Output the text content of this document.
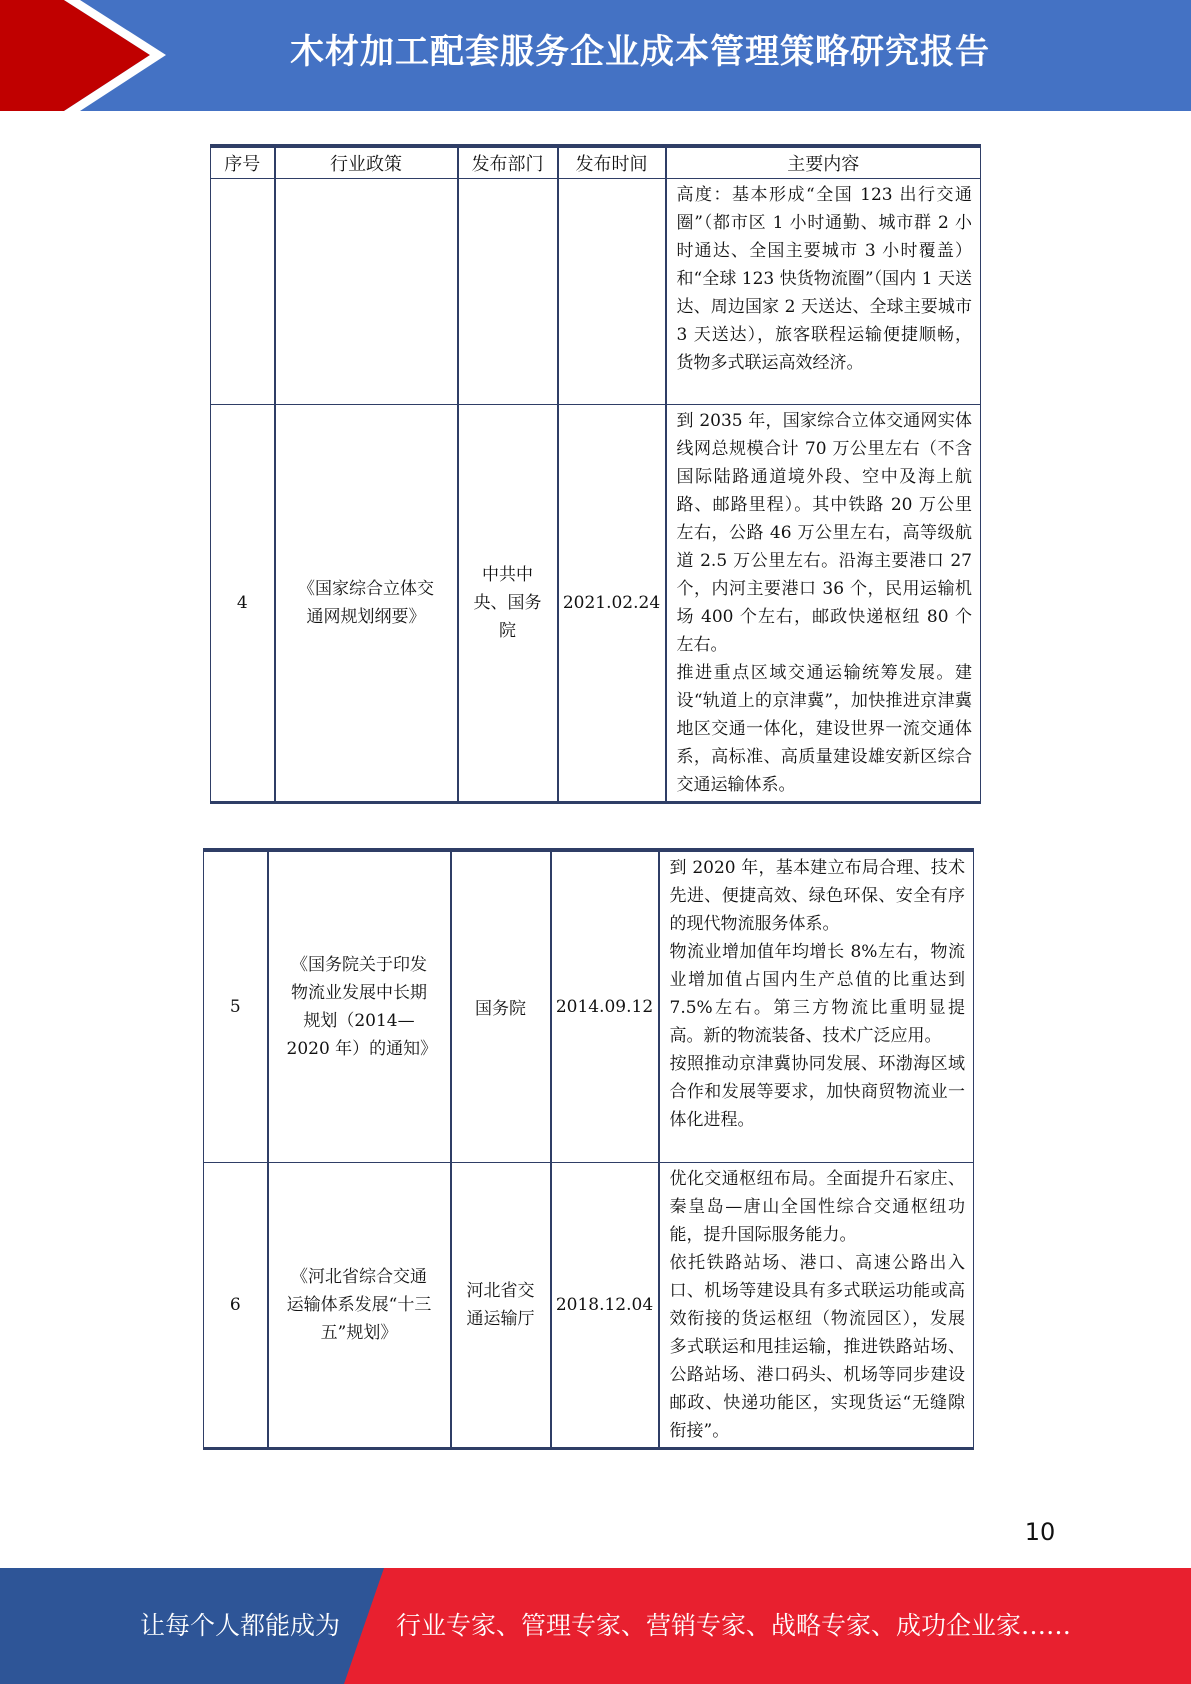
木材加工配套服务企业成本管理策略研究报告
序号	行业政策	发布部门	发布时间	主要内容

				高度：基本形成“全国 123 出行交通圈”（都市区 1 小时通勤、城市群 2 小时通达、全国主要城市 3 小时覆盖）和“全球 123 快货物流圈”（国内 1 天送达、周边国家 2 天送达、全球主要城市 3 天送达），旅客联程运输便捷顺畅，货物多式联运高效经济。

4	《国家综合立体交通网规划纲要》	中共中央、国务院	2021.02.24	到 2035 年，国家综合立体交通网实体线网总规模合计 70 万公里左右（不含国际陆路通道境外段、空中及海上航路、邮路里程）。其中铁路 20 万公里左右，公路 46 万公里左右，高等级航道 2.5 万公里左右。沿海主要港口 27 个，内河主要港口 36 个，民用运输机场 400 个左右，邮政快递枢纽 80 个左右。

推进重点区域交通运输统筹发展。建设“轨道上的京津冀”，加快推进京津冀地区交通一体化，建设世界一流交通体系，高标准、高质量建设雄安新区综合交通运输体系。

5	《国务院关于印发物流业发展中长期规划（2014—2020 年）的通知》	国务院	2014.09.12	到 2020 年，基本建立布局合理、技术先进、便捷高效、绿色环保、安全有序的现代物流服务体系。

物流业增加值年均增长 8%左右，物流业增加值占国内生产总值的比重达到 7.5%左右。第三方物流比重明显提高。新的物流装备、技术广泛应用。

按照推动京津冀协同发展、环渤海区域合作和发展等要求，加快商贸物流业一体化进程。

6	《河北省综合交通运输体系发展“十三五”规划》	河北省交通运输厅	2018.12.04	优化交通枢纽布局。全面提升石家庄、秦皇岛—唐山全国性综合交通枢纽功能，提升国际服务能力。

依托铁路站场、港口、高速公路出入口、机场等建设具有多式联运功能或高效衔接的货运枢纽（物流园区），发展多式联运和甩挂运输，推进铁路站场、公路站场、港口码头、机场等同步建设邮政、快递功能区，实现货运“无缝隙衔接”。

10
让每个人都能成为 行业专家、管理专家、营销专家、战略专家、成功企业家……
